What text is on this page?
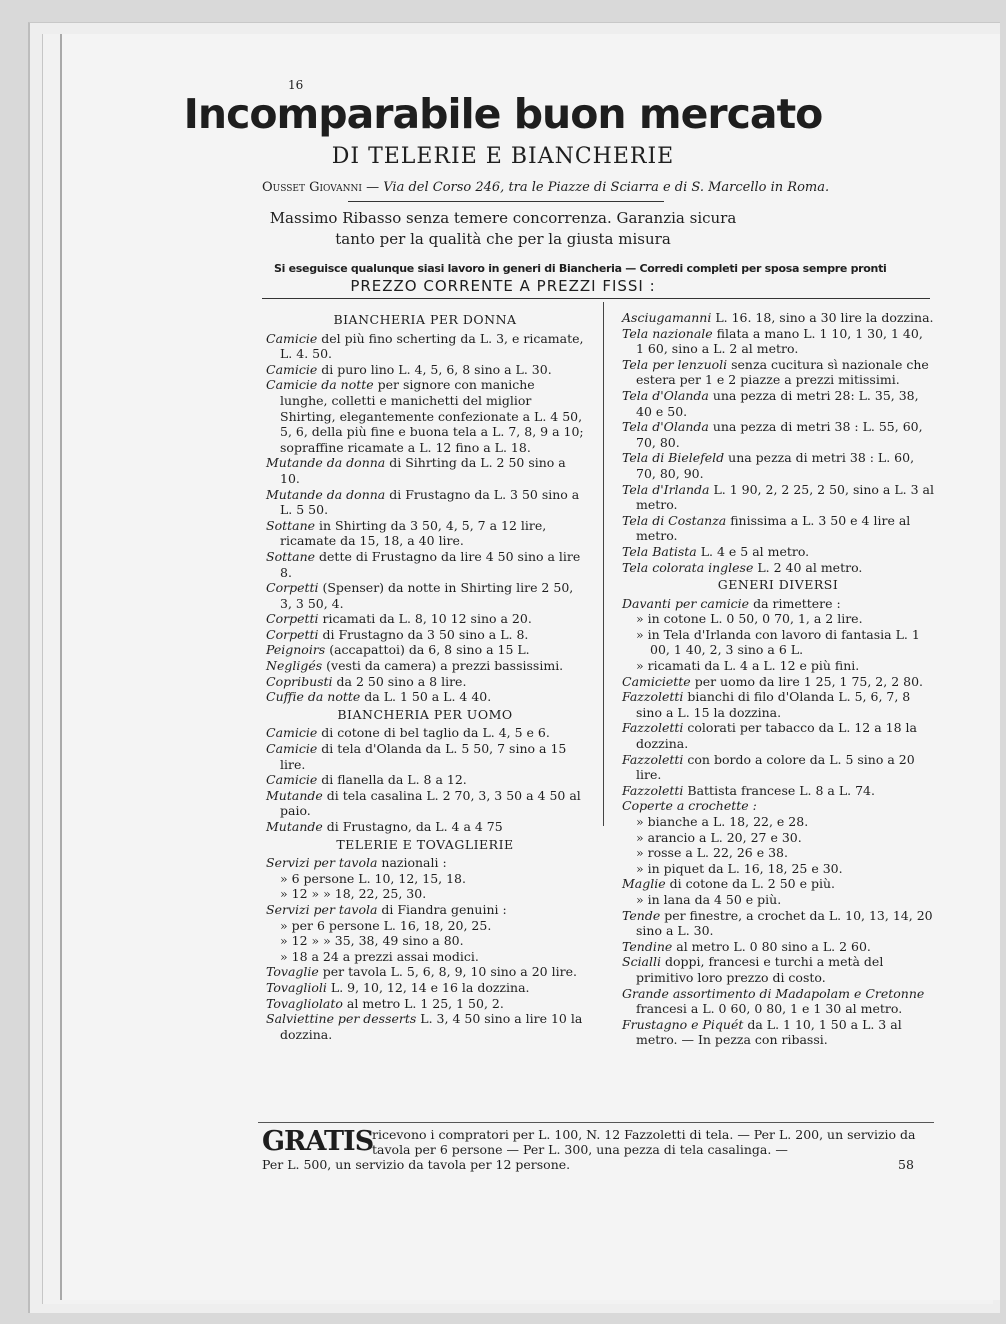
16
Incomparabile buon mercato
DI TELERIE E BIANCHERIE
Ousset Giovanni — Via del Corso 246, tra le Piazze di Sciarra e di S. Marcello in Roma.
Massimo Ribasso senza temere concorrenza. Garanzia sicura
tanto per la qualità che per la giusta misura
Si eseguisce qualunque siasi lavoro in generi di Biancheria — Corredi completi per sposa sempre pronti
PREZZO CORRENTE A PREZZI FISSI :
BIANCHERIA PER DONNA
Camicie del più fino scherting da L. 3, e ricamate, L. 4. 50.
Camicie di puro lino L. 4, 5, 6, 8 sino a L. 30.
Camicie da notte per signore con maniche lunghe, colletti e manichetti del miglior Shirting, elegantemente confezionate a L. 4 50, 5, 6, della più fine e buona tela a L. 7, 8, 9 a 10; sopraffine ricamate a L. 12 fino a L. 18.
Mutande da donna di Sihrting da L. 2 50 sino a 10.
Mutande da donna di Frustagno da L. 3 50 sino a L. 5 50.
Sottane in Shirting da 3 50, 4, 5, 7 a 12 lire, ricamate da 15, 18, a 40 lire.
Sottane dette di Frustagno da lire 4 50 sino a lire 8.
Corpetti (Spenser) da notte in Shirting lire 2 50, 3, 3 50, 4.
Corpetti ricamati da L. 8, 10 12 sino a 20.
Corpetti di Frustagno da 3 50 sino a L. 8.
Peignoirs (accapattoi) da 6, 8 sino a 15 L.
Negligés (vesti da camera) a prezzi bassissimi.
Copribusti da 2 50 sino a 8 lire.
Cuffie da notte da L. 1 50 a L. 4 40.
BIANCHERIA PER UOMO
Camicie di cotone di bel taglio da L. 4, 5 e 6.
Camicie di tela d'Olanda da L. 5 50, 7 sino a 15 lire.
Camicie di flanella da L. 8 a 12.
Mutande di tela casalina L. 2 70, 3, 3 50 a 4 50 al paio.
Mutande di Frustagno, da L. 4 a 4 75
TELERIE E TOVAGLIERIE
Servizi per tavola nazionali :
» 6 persone L. 10, 12, 15, 18.
» 12 » » 18, 22, 25, 30.
Servizi per tavola di Fiandra genuini :
» per 6 persone L. 16, 18, 20, 25.
» 12 » » 35, 38, 49 sino a 80.
» 18 a 24 a prezzi assai modici.
Tovaglie per tavola L. 5, 6, 8, 9, 10 sino a 20 lire.
Tovaglioli L. 9, 10, 12, 14 e 16 la dozzina.
Tovagliolato al metro L. 1 25, 1 50, 2.
Salviettine per desserts L. 3, 4 50 sino a lire 10 la dozzina.
Asciugamanni L. 16. 18, sino a 30 lire la dozzina.
Tela nazionale filata a mano L. 1 10, 1 30, 1 40, 1 60, sino a L. 2 al metro.
Tela per lenzuoli senza cucitura sì nazionale che estera per 1 e 2 piazze a prezzi mitissimi.
Tela d'Olanda una pezza di metri 28: L. 35, 38, 40 e 50.
Tela d'Olanda una pezza di metri 38 : L. 55, 60, 70, 80.
Tela di Bielefeld una pezza di metri 38 : L. 60, 70, 80, 90.
Tela d'Irlanda L. 1 90, 2, 2 25, 2 50, sino a L. 3 al metro.
Tela di Costanza finissima a L. 3 50 e 4 lire al metro.
Tela Batista L. 4 e 5 al metro.
Tela colorata inglese L. 2 40 al metro.
GENERI DIVERSI
Davanti per camicie da rimettere :
» in cotone L. 0 50, 0 70, 1, a 2 lire.
» in Tela d'Irlanda con lavoro di fantasia L. 1 00, 1 40, 2, 3 sino a 6 L.
» ricamati da L. 4 a L. 12 e più fini.
Camiciette per uomo da lire 1 25, 1 75, 2, 2 80.
Fazzoletti bianchi di filo d'Olanda L. 5, 6, 7, 8 sino a L. 15 la dozzina.
Fazzoletti colorati per tabacco da L. 12 a 18 la dozzina.
Fazzoletti con bordo a colore da L. 5 sino a 20 lire.
Fazzoletti Battista francese L. 8 a L. 74.
Coperte a crochette :
» bianche a L. 18, 22, e 28.
» arancio a L. 20, 27 e 30.
» rosse a L. 22, 26 e 38.
» in piquet da L. 16, 18, 25 e 30.
Maglie di cotone da L. 2 50 e più.
» in lana da 4 50 e più.
Tende per finestre, a crochet da L. 10, 13, 14, 20 sino a L. 30.
Tendine al metro L. 0 80 sino a L. 2 60.
Scialli doppi, francesi e turchi a metà del primitivo loro prezzo di costo.
Grande assortimento di Madapolam e Cretonne francesi a L. 0 60, 0 80, 1 e 1 30 al metro.
Frustagno e Piquét da L. 1 10, 1 50 a L. 3 al metro. — In pezza con ribassi.
GRATIS
ricevono i compratori per L. 100, N. 12 Fazzoletti di tela. — Per L. 200, un servizio da tavola per 6 persone — Per L. 300, una pezza di tela casalinga. —
Per L. 500, un servizio da tavola per 12 persone.	58
